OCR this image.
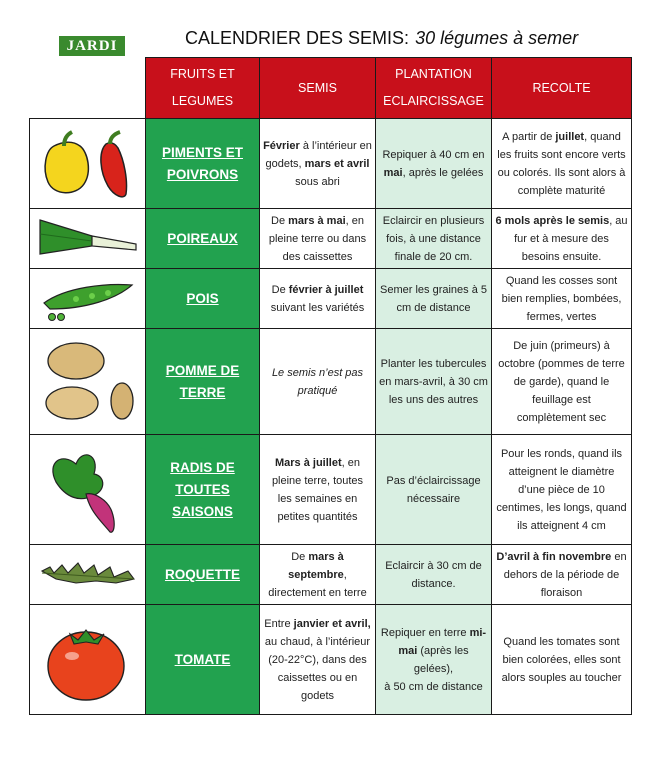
JARDI	CALENDRIER DES SEMIS: 30 légumes à semer
	FRUITS ET
LEGUMES	SEMIS	PLANTATION
ECLAIRCISSAGE	RECOLTE

	PIMENTS ET
POIVRONS	Février à l’intérieur en
godets, mars et avril
sous abri	Repiquer à 40 cm en
mai, après le gelées	A partir de juillet, quand
les fruits sont encore verts
ou colorés. Ils sont alors à
complète maturité

	POIREAUX	De mars à mai, en
pleine terre ou dans
des caissettes	Eclaircir en plusieurs
fois, à une distance
finale de 20 cm.	6 mols après le semis, au
fur et à mesure des
besoins ensuite.

	POIS	De février à juillet
suivant les variétés	Semer les graines à 5
cm de distance	Quand les cosses sont
bien remplies, bombées,
fermes, vertes

	POMME DE
TERRE	Le semis n’est pas
pratiqué	Planter les tubercules
en mars-avril, à 30 cm
les uns des autres	De juin (primeurs) à
octobre (pommes de terre
de garde), quand le
feuillage est
complètement sec

	RADIS DE
TOUTES
SAISONS	Mars à juillet, en
pleine terre, toutes
les semaines en
petites quantités	Pas d’éclaircissage
nécessaire	Pour les ronds, quand ils
atteignent le diamètre
d’une pièce de 10
centimes, les longs, quand
ils atteignent 4 cm

	ROQUETTE	De mars à septembre,
directement en terre	Eclaircir à 30 cm de
distance.	D’avril à fin novembre en
dehors de la période de
floraison

	TOMATE	Entre janvier et avril,
au chaud, à l’intérieur
(20-22°C), dans des
caissettes ou en
godets	Repiquer en terre mi-
mai (après les gelées),
à 50 cm de distance	Quand les tomates sont
bien colorées, elles sont
alors souples au toucher
